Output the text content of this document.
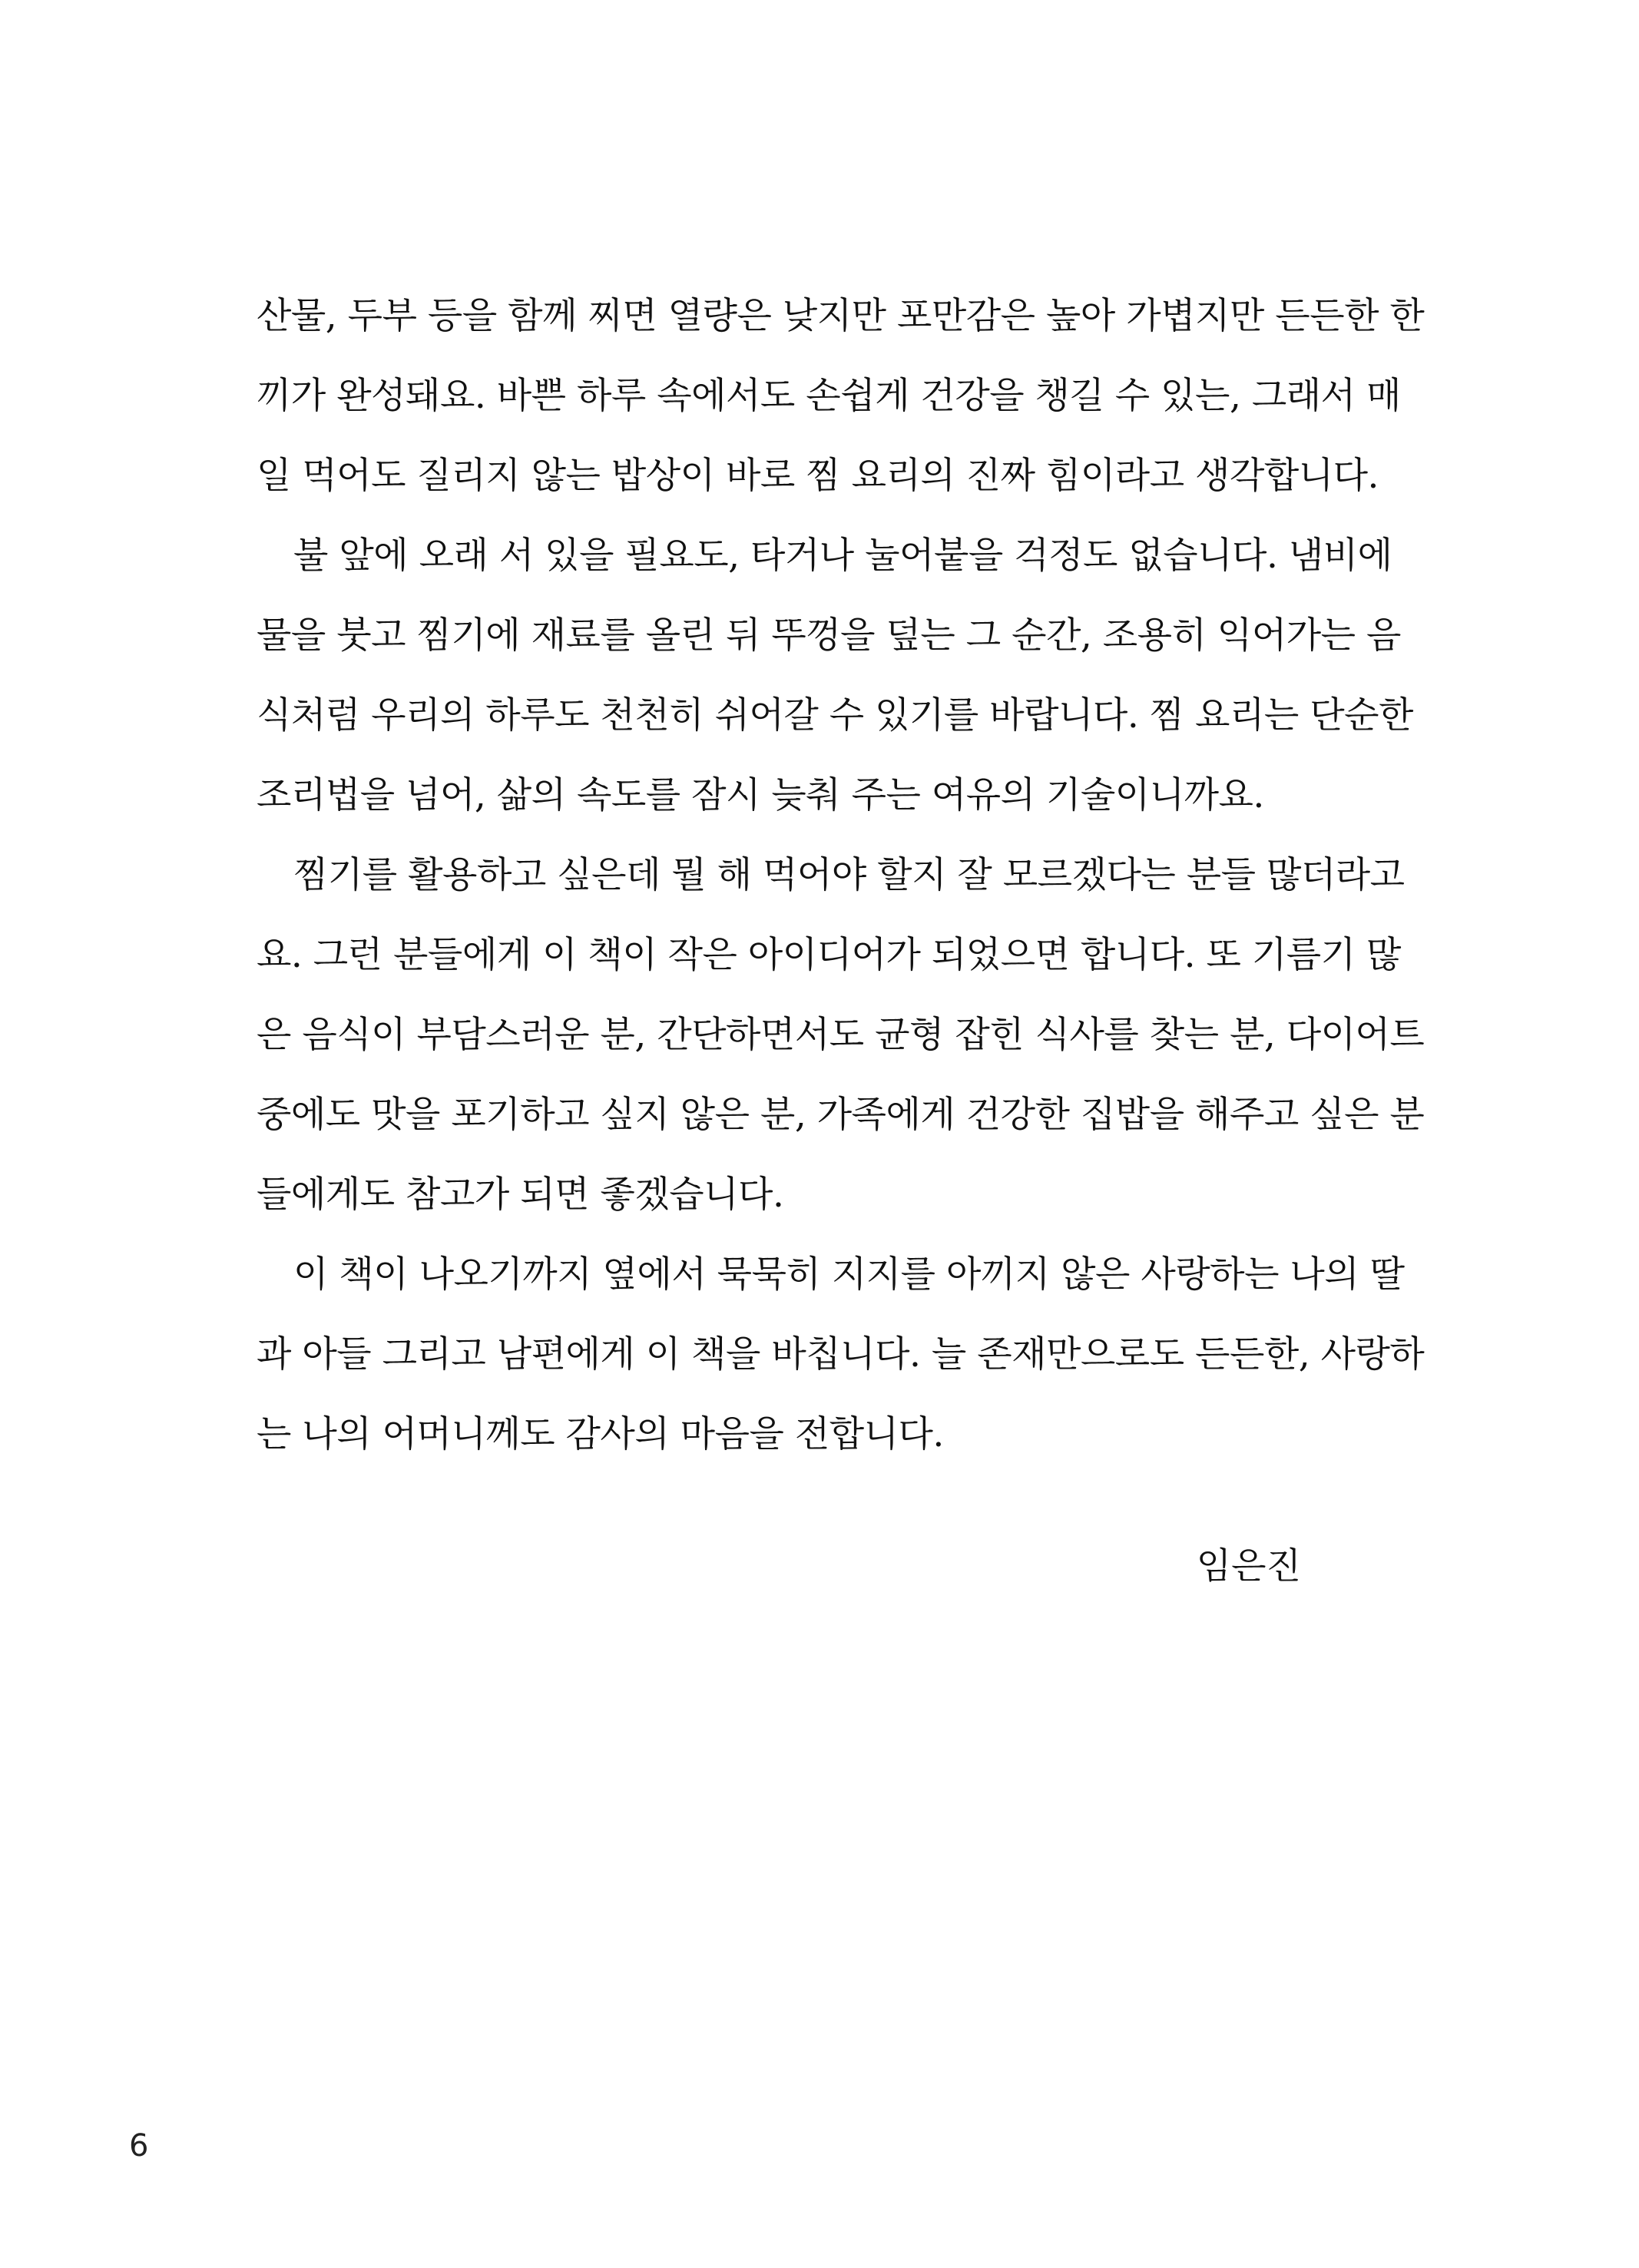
산물, 두부 등을 함께 찌면 열량은 낮지만 포만감은 높아 가볍지만 든든한 한
끼가 완성돼요. 바쁜 하루 속에서도 손쉽게 건강을 챙길 수 있는, 그래서 매
일 먹어도 질리지 않는 밥상이 바로 찜 요리의 진짜 힘이라고 생각합니다.
불 앞에 오래 서 있을 필요도, 타거나 눌어붙을 걱정도 없습니다. 냄비에
물을 붓고 찜기에 재료를 올린 뒤 뚜껑을 덮는 그 순간, 조용히 익어가는 음
식처럼 우리의 하루도 천천히 쉬어갈 수 있기를 바랍니다. 찜 요리는 단순한
조리법을 넘어, 삶의 속도를 잠시 늦춰 주는 여유의 기술이니까요.
찜기를 활용하고 싶은데 뭘 해 먹어야 할지 잘 모르겠다는 분들 많더라고
요. 그런 분들에게 이 책이 작은 아이디어가 되었으면 합니다. 또 기름기 많
은 음식이 부담스러운 분, 간단하면서도 균형 잡힌 식사를 찾는 분, 다이어트
중에도 맛을 포기하고 싶지 않은 분, 가족에게 건강한 집밥을 해주고 싶은 분
들에게도 참고가 되면 좋겠습니다.
이 책이 나오기까지 옆에서 묵묵히 지지를 아끼지 않은 사랑하는 나의 딸
과 아들 그리고 남편에게 이 책을 바칩니다. 늘 존재만으로도 든든한, 사랑하
는 나의 어머니께도 감사의 마음을 전합니다.
임은진
6
